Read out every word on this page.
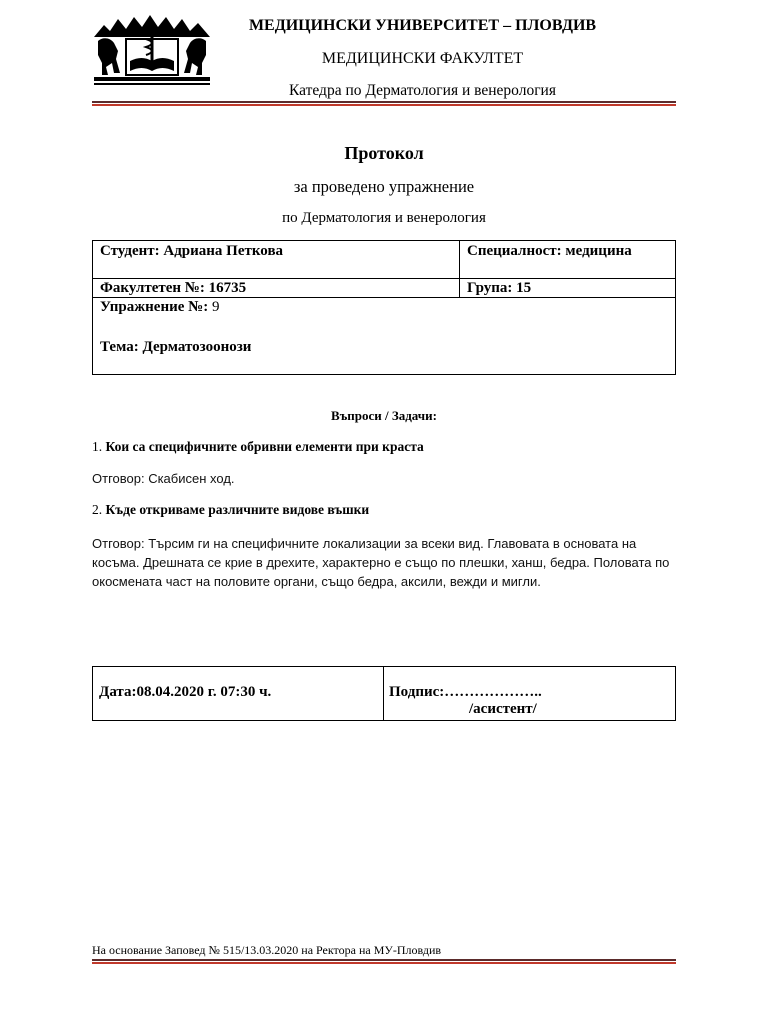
МЕДИЦИНСКИ УНИВЕРСИТЕТ – ПЛОВДИВ
МЕДИЦИНСКИ ФАКУЛТЕТ
Катедра по Дерматология и венерология
Протокол
за проведено упражнение
по Дерматология и венерология
Студент: Адриана Петкова	Специалност: медицина
Факултетен №: 16735	Група: 15

Упражнение №: 9
Тема: Дерматозоонози	
Въпроси / Задачи:
1. Кои са специфичните обривни елементи при краста
Отговор: Скабисен ход.
2. Къде откриваме различните видове въшки
Отговор: Търсим ги на специфичните локализации за всеки вид. Главовата в основата на косъма. Дрешната се крие в дрехите, характерно е също по плешки, ханш, бедра. Половата по окосмената част на половите органи, също бедра, аксили, вежди и мигли.
Дата:08.04.2020 г. 07:30 ч.	Подпис:………………..
/асистент/
На основание Заповед № 515/13.03.2020 на Ректора на МУ-Пловдив
